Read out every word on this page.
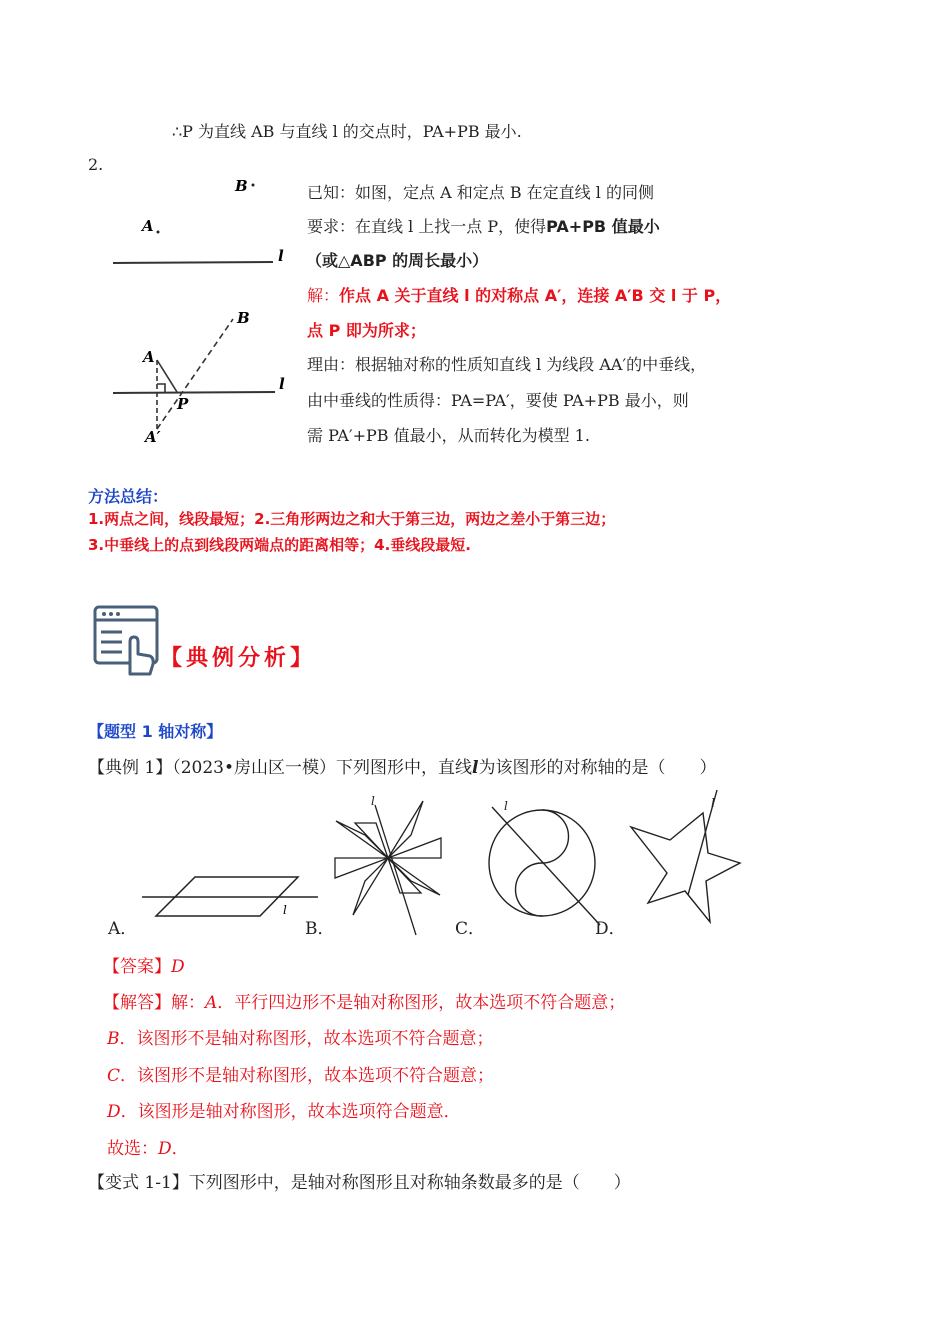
∴P 为直线 AB 与直线 l 的交点时，PA+PB 最小.
2.
已知：如图，定点 A 和定点 B 在定直线 l 的同侧
要求：在直线 l 上找一点 P，使得PA+PB 值最小
（或△ABP 的周长最小）
解：作点 A 关于直线 l 的对称点 A′，连接 A′B 交 l 于 P，
点 P 即为所求；
理由：根据轴对称的性质知直线 l 为线段 AA′的中垂线，
由中垂线的性质得：PA=PA′，要使 PA+PB 最小，则
需 PA′+PB 值最小，从而转化为模型 1.
B
A
l
l
B
A
P
A′
方法总结：
1.两点之间，线段最短；2.三角形两边之和大于第三边，两边之差小于第三边；
3.中垂线上的点到线段两端点的距离相等；4.垂线段最短.
【典例分析】
【题型 1 轴对称】
【典例 1】（2023•房山区一模）下列图形中，直线l为该图形的对称轴的是（　　）
l
l	l	l
A．	B．	C．	D．
【答案】D
【解答】解：A．平行四边形不是轴对称图形，故本选项不符合题意；
B．该图形不是轴对称图形，故本选项不符合题意；
C．该图形不是轴对称图形，故本选项不符合题意；
D．该图形是轴对称图形，故本选项符合题意．
故选：D．
【变式 1-1】下列图形中，是轴对称图形且对称轴条数最多的是（　　）
